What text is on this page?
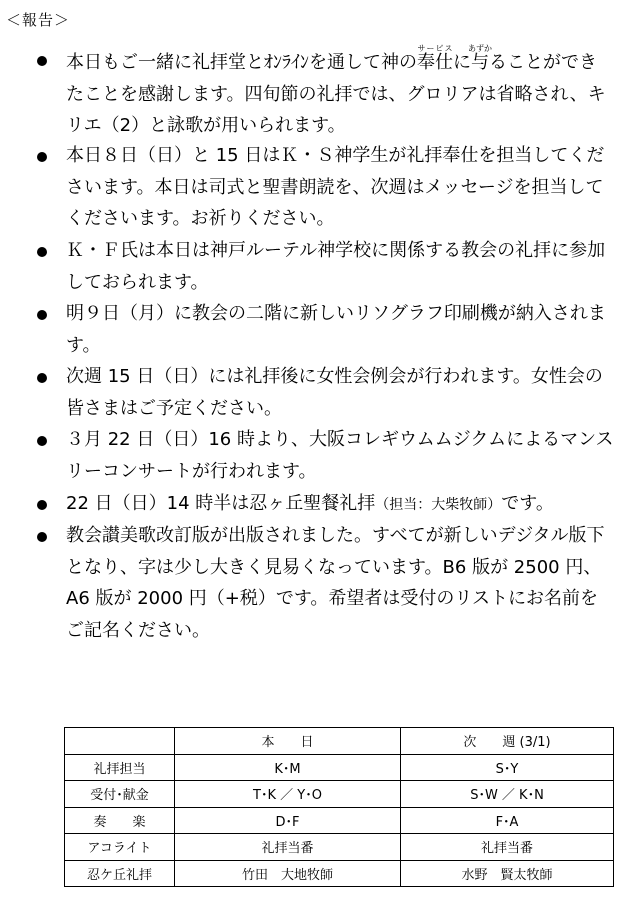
＜報告＞
本日もご一緒に礼拝堂とｵﾝﾗｲﾝを通して神の奉仕サービスに与あずかることができたことを感謝します。四旬節の礼拝では、グロリアは省略され、キリエ（2）と詠歌が用いられます。
本日８日（日）と 15 日はＫ・Ｓ神学生が礼拝奉仕を担当してくださいます。本日は司式と聖書朗読を、次週はメッセージを担当してくださいます。お祈りください。
Ｋ・Ｆ氏は本日は神戸ルーテル神学校に関係する教会の礼拝に参加しておられます。
明９日（月）に教会の二階に新しいリソグラフ印刷機が納入されます。
次週 15 日（日）には礼拝後に女性会例会が行われます。女性会の皆さまはご予定ください。
３月 22 日（日）16 時より、大阪コレギウムムジクムによるマンスリーコンサートが行われます。
22 日（日）14 時半は忍ヶ丘聖餐礼拝（担当：大柴牧師）です。
教会讃美歌改訂版が出版されました。すべてが新しいデジタル版下となり、字は少し大きく見易くなっています。B6 版が 2500 円、A6 版が 2000 円（+税）です。希望者は受付のリストにお名前をご記名ください。
	本　　日	次　　週 (3/1)
礼拝担当	K･M	S･Y
受付･献金	T･K ／ Y･O	S･W ／ K･N
奏　　楽	D･F	F･A
アコライト	礼拝当番	礼拝当番
忍ケ丘礼拝	竹田　大地牧師	水野　賢太牧師
